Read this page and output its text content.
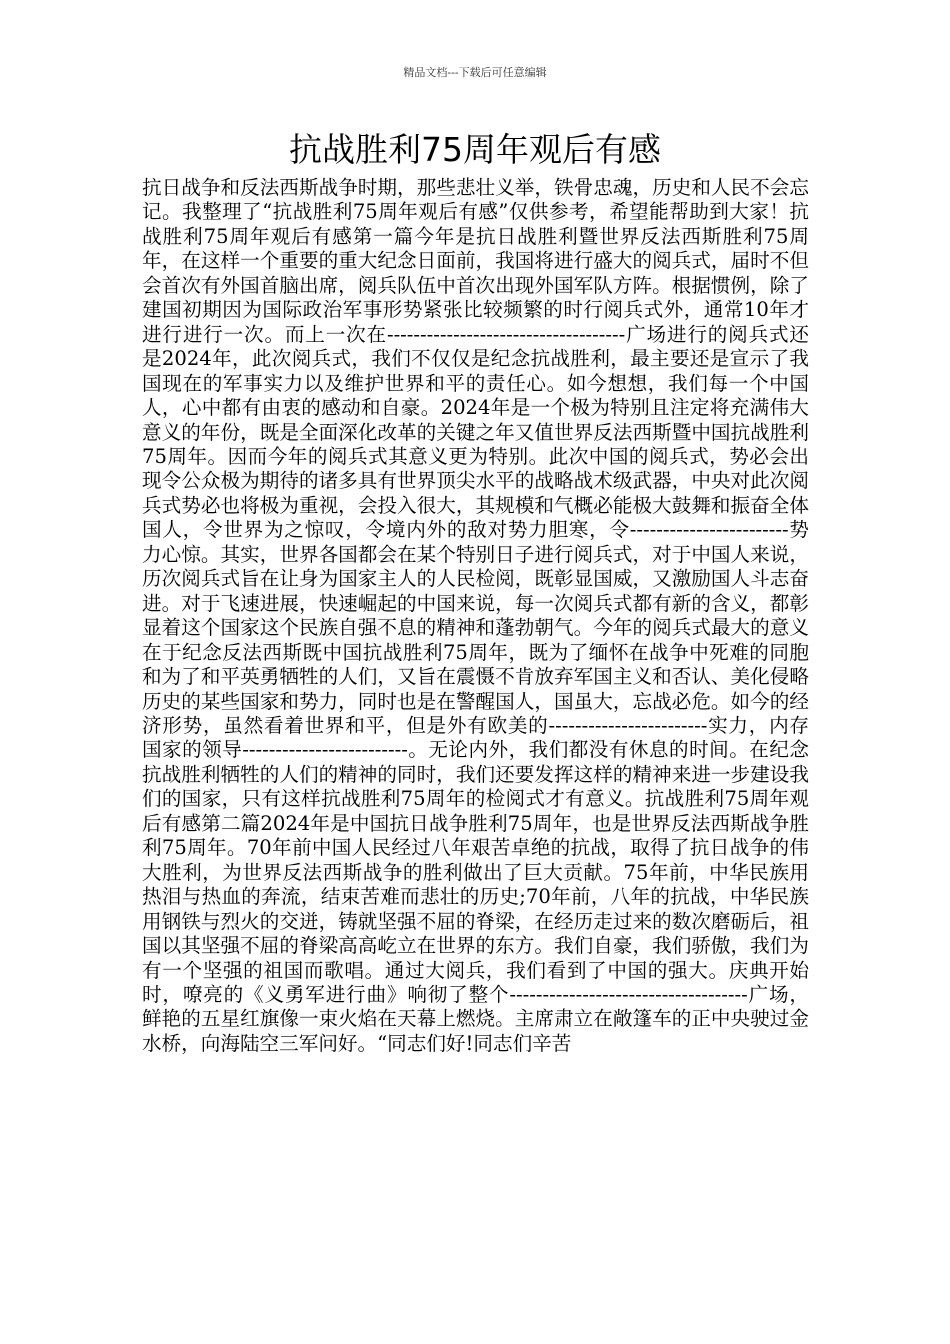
精品文档---下载后可任意编辑
抗战胜利75周年观后有感

抗日战争和反法西斯战争时期，那些悲壮义举，铁骨忠魂，历史和人民不会忘记。我整理了“抗战胜利75周年观后有感”仅供参考，希望能帮助到大家！抗战胜利75周年观后有感第一篇今年是抗日战胜利暨世界反法西斯胜利75周年，在这样一个重要的重大纪念日面前，我国将进行盛大的阅兵式，届时不但会首次有外国首脑出席，阅兵队伍中首次出现外国军队方阵。根据惯例，除了建国初期因为国际政治军事形势紧张比较频繁的时行阅兵式外，通常10年才进行进行一次。而上一次在------------------------------------广场进行的阅兵式还是2024年，此次阅兵式，我们不仅仅是纪念抗战胜利，最主要还是宣示了我国现在的军事实力以及维护世界和平的责任心。如今想想，我们每一个中国人，心中都有由衷的感动和自豪。2024年是一个极为特别且注定将充满伟大意义的年份，既是全面深化改革的关键之年又值世界反法西斯暨中国抗战胜利75周年。因而今年的阅兵式其意义更为特别。此次中国的阅兵式，势必会出现令公众极为期待的诸多具有世界顶尖水平的战略战术级武器，中央对此次阅兵式势必也将极为重视，会投入很大，其规模和气概必能极大鼓舞和振奋全体国人，令世界为之惊叹，令境内外的敌对势力胆寒，令------------------------势力心惊。其实，世界各国都会在某个特别日子进行阅兵式，对于中国人来说，历次阅兵式旨在让身为国家主人的人民检阅，既彰显国威，又激励国人斗志奋进。对于飞速进展，快速崛起的中国来说，每一次阅兵式都有新的含义，都彰显着这个国家这个民族自强不息的精神和蓬勃朝气。今年的阅兵式最大的意义在于纪念反法西斯既中国抗战胜利75周年，既为了缅怀在战争中死难的同胞和为了和平英勇牺牲的人们，又旨在震慑不肯放弃军国主义和否认、美化侵略历史的某些国家和势力，同时也是在警醒国人，国虽大，忘战必危。如今的经济形势，虽然看着世界和平，但是外有欧美的------------------------实力，内存国家的领导-------------------------。无论内外，我们都没有休息的时间。在纪念抗战胜利牺牲的人们的精神的同时，我们还要发挥这样的精神来进一步建设我们的国家，只有这样抗战胜利75周年的检阅式才有意义。抗战胜利75周年观后有感第二篇2024年是中国抗日战争胜利75周年，也是世界反法西斯战争胜利75周年。70年前中国人民经过八年艰苦卓绝的抗战，取得了抗日战争的伟大胜利，为世界反法西斯战争的胜利做出了巨大贡献。75年前，中华民族用热泪与热血的奔流，结束苦难而悲壮的历史;70年前，八年的抗战，中华民族用钢铁与烈火的交迸，铸就坚强不屈的脊梁，在经历走过来的数次磨砺后，祖国以其坚强不屈的脊梁高高屹立在世界的东方。我们自豪，我们骄傲，我们为有一个坚强的祖国而歌唱。通过大阅兵，我们看到了中国的强大。庆典开始时，嘹亮的《义勇军进行曲》响彻了整个------------------------------------广场，鲜艳的五星红旗像一束火焰在天幕上燃烧。主席肃立在敞篷车的正中央驶过金水桥，向海陆空三军问好。“同志们好!同志们辛苦
